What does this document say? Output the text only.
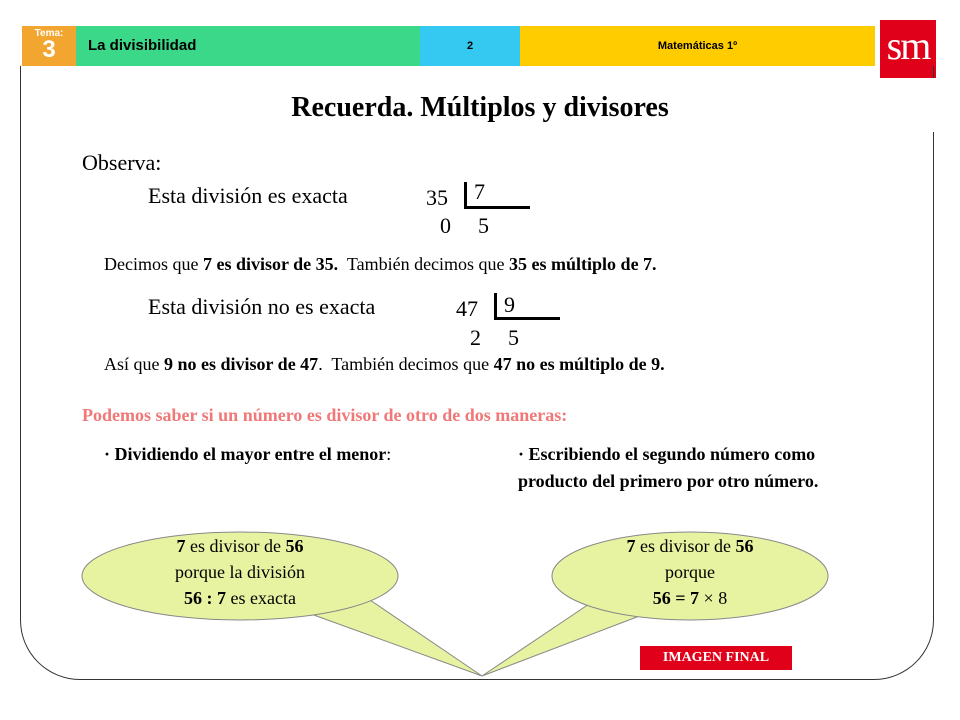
Tema:
3	La divisibilidad	2	Matemáticas 1º	sm
Recuerda. Múltiplos y divisores
Observa:
Esta división es exacta	35 7
0 5
Decimos que 7 es divisor de 35.  También decimos que 35 es múltiplo de 7.
Esta división no es exacta	47 9
2 5
Así que 9 no es divisor de 47.  También decimos que 47 no es múltiplo de 9.
Podemos saber si un número es divisor de otro de dos maneras:
· Dividiendo el mayor entre el menor:	· Escribiendo el segundo número como producto del primero por otro número.
7 es divisor de 56
porque la división
56 : 7 es exacta
7 es divisor de 56
porque
56 = 7 × 8
IMAGEN FINAL
